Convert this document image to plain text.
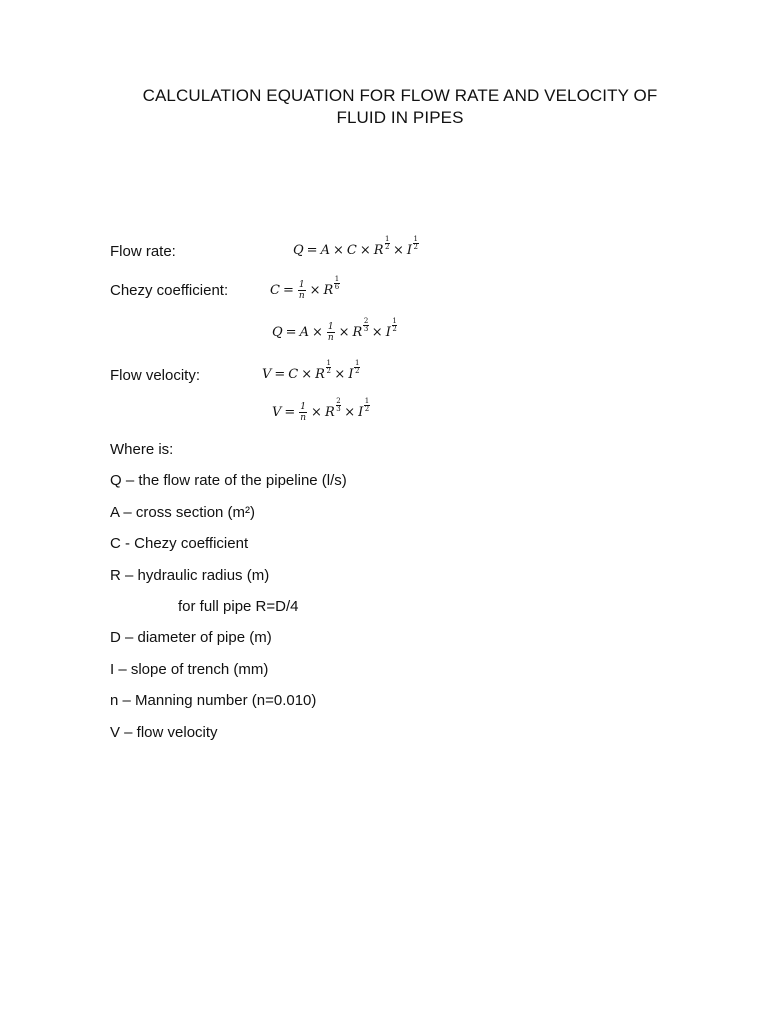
CALCULATION EQUATION FOR FLOW RATE AND VELOCITY OF
FLUID IN PIPES
Flow rate:	Q = A × C × R $^{\frac{1}{2}}$ × I $^{\frac{1}{2}}$
Chezy coefficient:	$C = \frac{1}{n} \times R$ $^{\frac{1}{6}}$
$Q = A \times \frac{1}{n} \times R$ $^{\frac{2}{3}}$ × I $^{\frac{1}{2}}$
Flow velocity:	V = C × R $^{\frac{1}{2}}$ × I $^{\frac{1}{2}}$
$V = \frac{1}{n} \times R$ $^{\frac{2}{3}}$ × I $^{\frac{1}{2}}$
Where is:
Q – the flow rate of the pipeline (l/s)
A – cross section (m²)
C - Chezy coefficient
R – hydraulic radius (m)
for full pipe R=D/4
D – diameter of pipe (m)
I – slope of trench (mm)
n – Manning number (n=0.010)
V – flow velocity
